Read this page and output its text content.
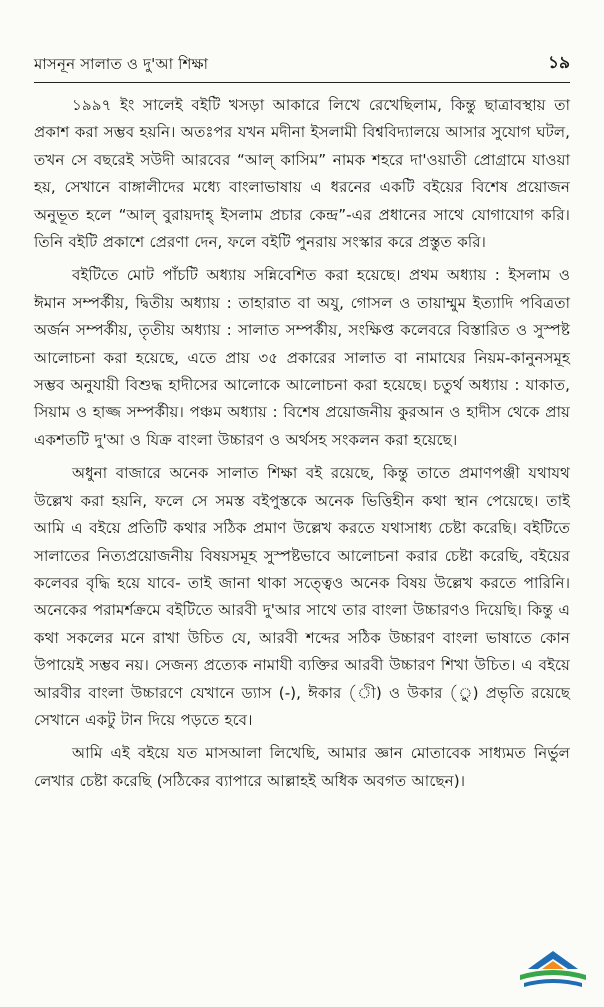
মাসনূন সালাত ও দু'আ শিক্ষা	১৯

১৯৯৭ ইং সালেই বইটি খসড়া আকারে লিখে রেখেছিলাম, কিন্তু ছাত্রাবস্থায় তা প্রকাশ করা সম্ভব হয়নি। অতঃপর যখন মদীনা ইসলামী বিশ্ববিদ্যালয়ে আসার সুযোগ ঘটল, তখন সে বছরেই সউদী আরবের “আল্ কাসিম” নামক শহরে দা'ওয়াতী প্রোগ্রামে যাওয়া হয়, সেখানে বাঙ্গালীদের মধ্যে বাংলাভাষায় এ ধরনের একটি বইয়ের বিশেষ প্রয়োজন অনুভূত হলে “আল্ বুরায়দাহ্ ইসলাম প্রচার কেন্দ্র”-এর প্রধানের সাথে যোগাযোগ করি। তিনি বইটি প্রকাশে প্রেরণা দেন, ফলে বইটি পুনরায় সংস্কার করে প্রস্তুত করি।

বইটিতে মোট পাঁচটি অধ্যায় সন্নিবেশিত করা হয়েছে। প্রথম অধ্যায় : ইসলাম ও ঈমান সম্পর্কীয়, দ্বিতীয় অধ্যায় : তাহারাত বা অযু, গোসল ও তায়াম্মুম ইত্যাদি পবিত্রতা অর্জন সম্পর্কীয়, তৃতীয় অধ্যায় : সালাত সম্পর্কীয়, সংক্ষিপ্ত কলেবরে বিস্তারিত ও সুস্পষ্ট আলোচনা করা হয়েছে, এতে প্রায় ৩৫ প্রকারের সালাত বা নামাযের নিয়ম-কানুনসমূহ সম্ভব অনুযায়ী বিশুদ্ধ হাদীসের আলোকে আলোচনা করা হয়েছে। চতুর্থ অধ্যায় : যাকাত, সিয়াম ও হাজ্জ সম্পর্কীয়। পঞ্চম অধ্যায় : বিশেষ প্রয়োজনীয় কুরআন ও হাদীস থেকে প্রায় একশতটি দু'আ ও যিক্র বাংলা উচ্চারণ ও অর্থসহ সংকলন করা হয়েছে।

অধুনা বাজারে অনেক সালাত শিক্ষা বই রয়েছে, কিন্তু তাতে প্রমাণপঞ্জী যথাযথ উল্লেখ করা হয়নি, ফলে সে সমস্ত বইপুস্তকে অনেক ভিত্তিহীন কথা স্থান পেয়েছে। তাই আমি এ বইয়ে প্রতিটি কথার সঠিক প্রমাণ উল্লেখ করতে যথাসাধ্য চেষ্টা করেছি। বইটিতে সালাতের নিত্যপ্রয়োজনীয় বিষয়সমূহ সুস্পষ্টভাবে আলোচনা করার চেষ্টা করেছি, বইয়ের কলেবর বৃদ্ধি হয়ে যাবে- তাই জানা থাকা সত্ত্বেও অনেক বিষয় উল্লেখ করতে পারিনি। অনেকের পরামর্শক্রমে বইটিতে আরবী দু'আর সাথে তার বাংলা উচ্চারণও দিয়েছি। কিন্তু এ কথা সকলের মনে রাখা উচিত যে, আরবী শব্দের সঠিক উচ্চারণ বাংলা ভাষাতে কোন উপায়েই সম্ভব নয়। সেজন্য প্রত্যেক নামাযী ব্যক্তির আরবী উচ্চারণ শিখা উচিত। এ বইয়ে আরবীর বাংলা উচ্চারণে যেখানে ড্যাস (-), ঈকার (ী) ও উকার (ু) প্রভৃতি রয়েছে সেখানে একটু টান দিয়ে পড়তে হবে।

আমি এই বইয়ে যত মাসআলা লিখেছি, আমার জ্ঞান মোতাবেক সাধ্যমত নির্ভুল লেখার চেষ্টা করেছি (সঠিকের ব্যাপারে আল্লাহই অধিক অবগত আছেন)।
